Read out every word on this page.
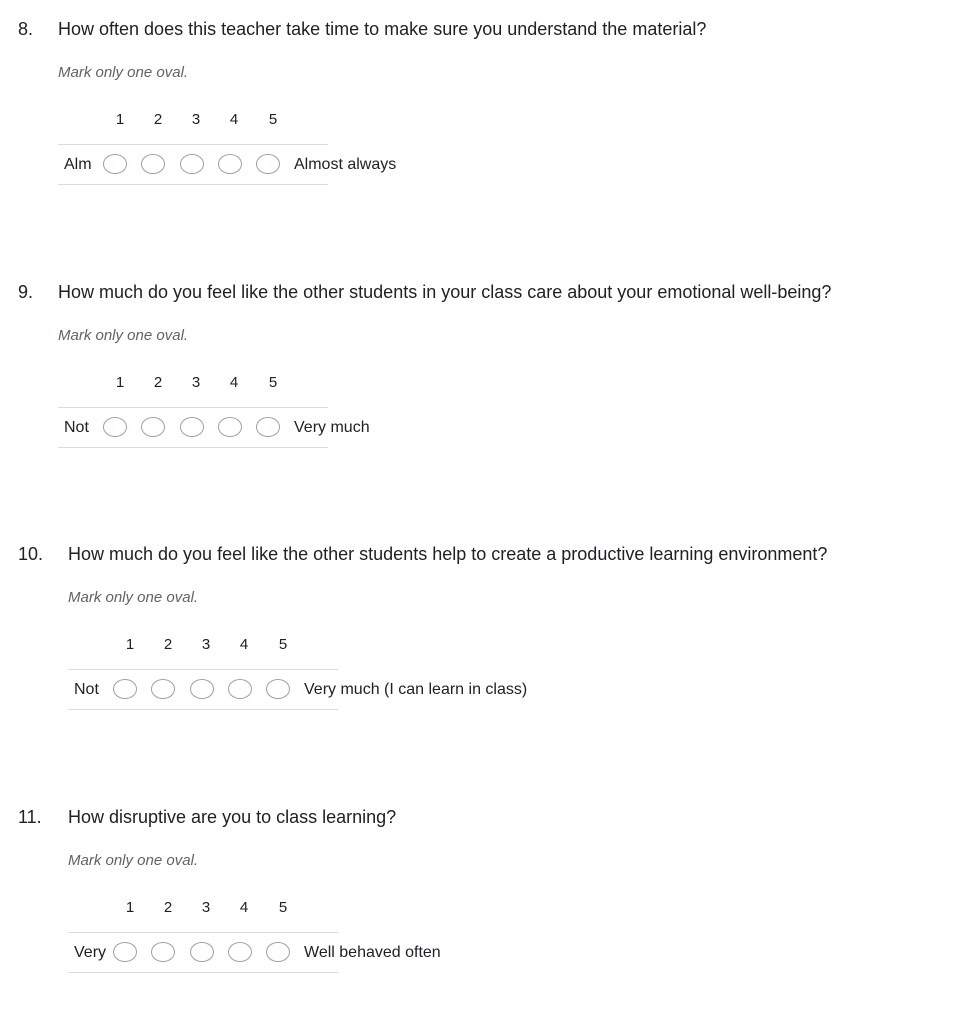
8. How often does this teacher take time to make sure you understand the material?
Mark only one oval.
1	2	3	4	5
Alm	Almost always
9. How much do you feel like the other students in your class care about your emotional well-being?
Mark only one oval.
1	2	3	4	5
Not	Very much
10. How much do you feel like the other students help to create a productive learning environment?
Mark only one oval.
1	2	3	4	5
Not	Very much (I can learn in class)
11. How disruptive are you to class learning?
Mark only one oval.
1	2	3	4	5
Very	Well behaved often
